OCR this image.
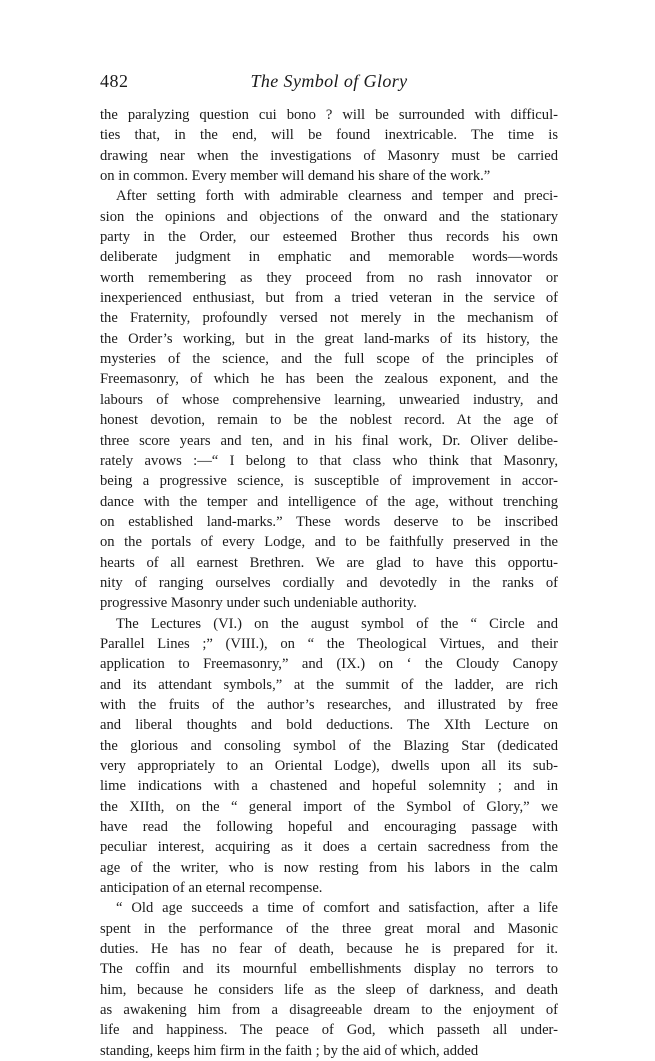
482	The Symbol of Glory
the paralyzing question cui bono ? will be surrounded with difficul-
ties that, in the end, will be found inextricable. The time is
drawing near when the investigations of Masonry must be carried
on in common. Every member will demand his share of the work.”
After setting forth with admirable clearness and temper and preci-
sion the opinions and objections of the onward and the stationary
party in the Order, our esteemed Brother thus records his own
deliberate judgment in emphatic and memorable words—words
worth remembering as they proceed from no rash innovator or
inexperienced enthusiast, but from a tried veteran in the service of
the Fraternity, profoundly versed not merely in the mechanism of
the Order’s working, but in the great land-marks of its history, the
mysteries of the science, and the full scope of the principles of
Freemasonry, of which he has been the zealous exponent, and the
labours of whose comprehensive learning, unwearied industry, and
honest devotion, remain to be the noblest record. At the age of
three score years and ten, and in his final work, Dr. Oliver delibe-
rately avows :—“ I belong to that class who think that Masonry,
being a progressive science, is susceptible of improvement in accor-
dance with the temper and intelligence of the age, without trenching
on established land-marks.” These words deserve to be inscribed
on the portals of every Lodge, and to be faithfully preserved in the
hearts of all earnest Brethren. We are glad to have this opportu-
nity of ranging ourselves cordially and devotedly in the ranks of
progressive Masonry under such undeniable authority.
The Lectures (VI.) on the august symbol of the “ Circle and
Parallel Lines ;” (VIII.), on “ the Theological Virtues, and their
application to Freemasonry,” and (IX.) on ‘ the Cloudy Canopy
and its attendant symbols,” at the summit of the ladder, are rich
with the fruits of the author’s researches, and illustrated by free
and liberal thoughts and bold deductions. The XIth Lecture on
the glorious and consoling symbol of the Blazing Star (dedicated
very appropriately to an Oriental Lodge), dwells upon all its sub-
lime indications with a chastened and hopeful solemnity ; and in
the XIIth, on the “ general import of the Symbol of Glory,” we
have read the following hopeful and encouraging passage with
peculiar interest, acquiring as it does a certain sacredness from the
age of the writer, who is now resting from his labors in the calm
anticipation of an eternal recompense.
“ Old age succeeds a time of comfort and satisfaction, after a life
spent in the performance of the three great moral and Masonic
duties. He has no fear of death, because he is prepared for it.
The coffin and its mournful embellishments display no terrors to
him, because he considers life as the sleep of darkness, and death
as awakening him from a disagreeable dream to the enjoyment of
life and happiness. The peace of God, which passeth all under-
standing, keeps him firm in the faith ; by the aid of which, added
